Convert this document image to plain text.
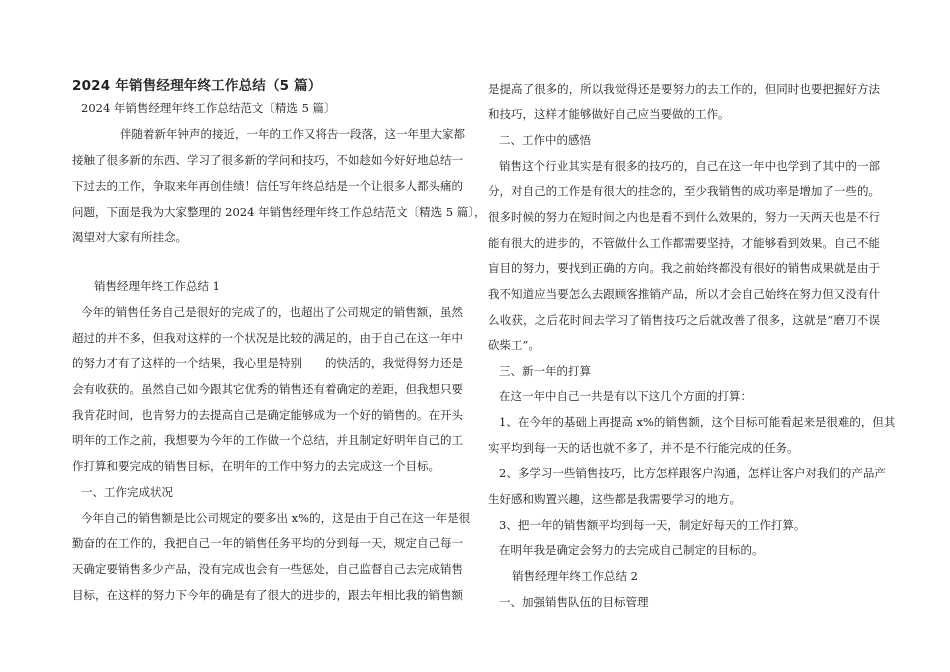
2024 年销售经理年终工作总结（5 篇）
2024 年销售经理年终工作总结范文〔精选 5 篇〕
伴随着新年钟声的接近，一年的工作又将告一段落，这一年里大家都
接触了很多新的东西、学习了很多新的学问和技巧，不如趁如今好好地总结一
下过去的工作，争取来年再创佳绩！信任写年终总结是一个让很多人都头痛的
问题，下面是我为大家整理的 2024 年销售经理年终工作总结范文〔精选 5 篇〕，
渴望对大家有所挂念。
销售经理年终工作总结 1
今年的销售任务自己是很好的完成了的，也超出了公司规定的销售额，虽然
超过的并不多，但我对这样的一个状况是比较的满足的，由于自己在这一年中
的努力才有了这样的一个结果，我心里是特别　　的快活的，我觉得努力还是
会有收获的。虽然自己如今跟其它优秀的销售还有着确定的差距，但我想只要
我肯花时间，也肯努力的去提高自己是确定能够成为一个好的销售的。在开头
明年的工作之前，我想要为今年的工作做一个总结，并且制定好明年自己的工
作打算和要完成的销售目标，在明年的工作中努力的去完成这一个目标。
一、工作完成状况
今年自己的销售额是比公司规定的要多出 x%的，这是由于自己在这一年是很
勤奋的在工作的，我把自己一年的销售任务平均的分到每一天，规定自己每一
天确定要销售多少产品，没有完成也会有一些惩处，自己监督自己去完成销售
目标，在这样的努力下今年的确是有了很大的进步的，跟去年相比我的销售额
是提高了很多的，所以我觉得还是要努力的去工作的，但同时也要把握好方法
和技巧，这样才能够做好自己应当要做的工作。
二、工作中的感悟
销售这个行业其实是有很多的技巧的，自己在这一年中也学到了其中的一部
分，对自己的工作是有很大的挂念的，至少我销售的成功率是增加了一些的。
很多时候的努力在短时间之内也是看不到什么效果的，努力一天两天也是不行
能有很大的进步的，不管做什么工作都需要坚持，才能够看到效果。自己不能
盲目的努力，要找到正确的方向。我之前始终都没有很好的销售成果就是由于
我不知道应当要怎么去跟顾客推销产品，所以才会自己始终在努力但又没有什
么收获，之后花时间去学习了销售技巧之后就改善了很多，这就是“磨刀不误
砍柴工”。
三、新一年的打算
在这一年中自己一共是有以下这几个方面的打算：
1、在今年的基础上再提高 x%的销售额，这个目标可能看起来是很难的，但其
实平均到每一天的话也就不多了，并不是不行能完成的任务。
2、多学习一些销售技巧，比方怎样跟客户沟通，怎样让客户对我们的产品产
生好感和购置兴趣，这些都是我需要学习的地方。
3、把一年的销售额平均到每一天，制定好每天的工作打算。
在明年我是确定会努力的去完成自己制定的目标的。
销售经理年终工作总结 2
一、加强销售队伍的目标管理
